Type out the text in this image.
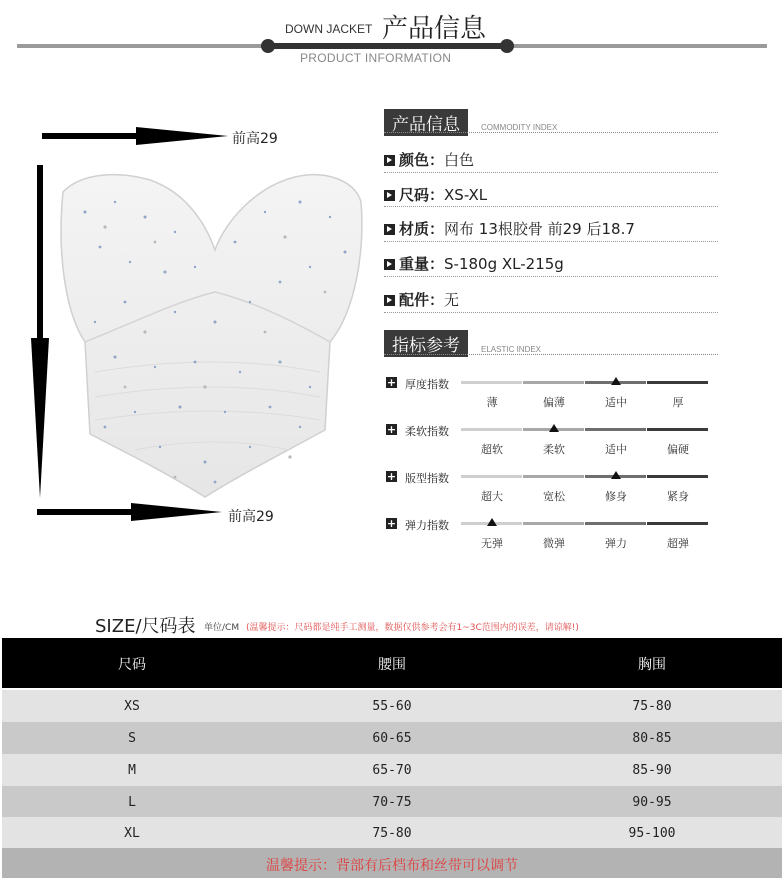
DOWN JACKET 产品信息
PRODUCT INFORMATION
前高29
前高29
产品信息	COMMODITY INDEX
颜色：白色
尺码：XS-XL
材质：网布 13根胶骨 前29 后18.7
重量：S-180g XL-215g
配件：无
指标参考	ELASTIC INDEX
+ 厚度指数
薄	偏薄	适中	厚
+ 柔软指数
超软	柔软	适中	偏硬
+ 版型指数
超大	宽松	修身	紧身
+ 弹力指数
无弹	微弹	弹力	超弹
SIZE/尺码表 单位/CM (温馨提示：尺码都是纯手工测量，数据仅供参考会有1~3C范围内的误差，请谅解!)
尺码	腰围	胸围
XS	55-60	75-80
S	60-65	80-85
M	65-70	85-90
L	70-75	90-95
XL	75-80	95-100
温馨提示：背部有后档布和丝带可以调节
